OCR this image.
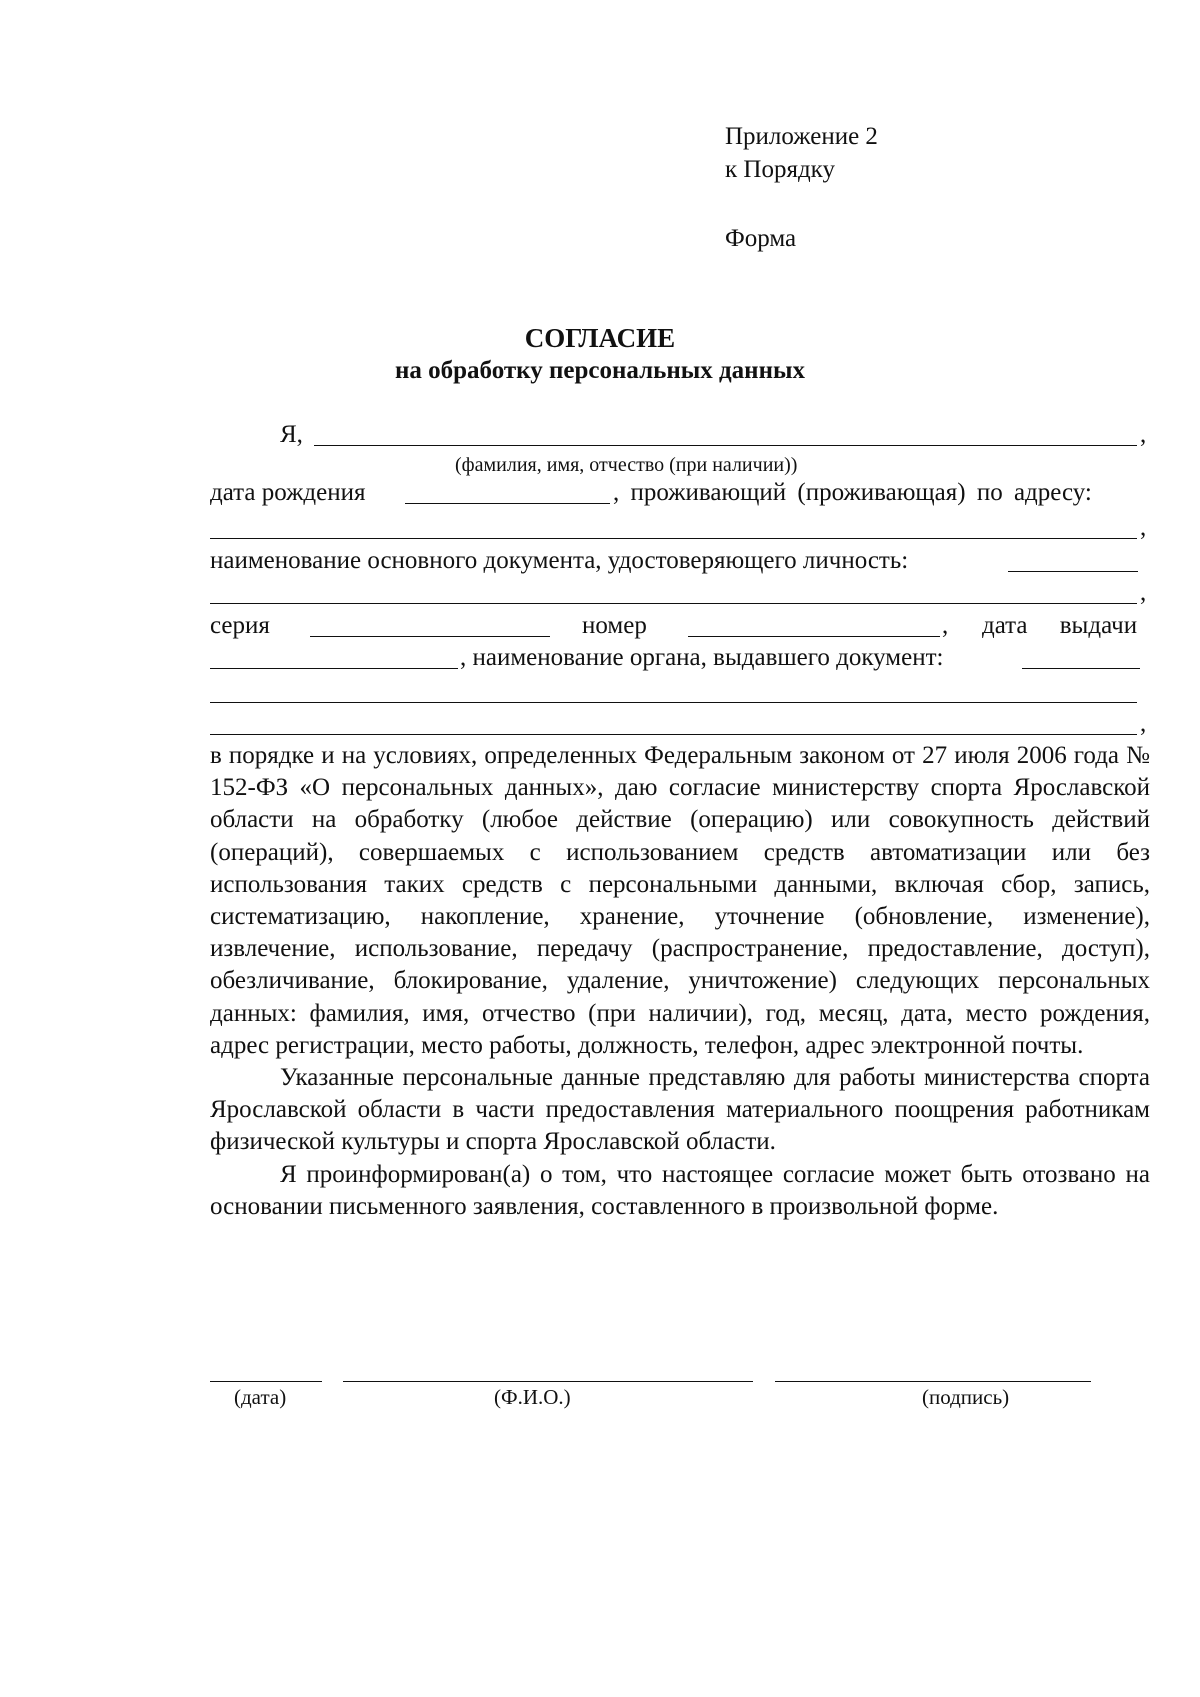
Приложение 2
к Порядку
Форма
СОГЛАСИЕ
на обработку персональных данных
Я,	,
(фамилия, имя, отчество (при наличии))
дата рождения	, проживающий (проживающая) по адресу:
,
наименование основного документа, удостоверяющего личность:
,
серия	номер	, дата выдачи
, наименование органа, выдавшего документ:
,

в порядке и на условиях, определенных Федеральным законом от 27 июля 2006 года № 152-ФЗ «О персональных данных», даю согласие министерству спорта Ярославской области на обработку (любое действие (операцию) или совокупность действий (операций), совершаемых с использованием средств автоматизации или без использования таких средств с персональными данными, включая сбор, запись, систематизацию, накопление, хранение, уточнение (обновление, изменение), извлечение, использование, передачу (распространение, предоставление, доступ), обезличивание, блокирование, удаление, уничтожение) следующих персональных данных: фамилия, имя, отчество (при наличии), год, месяц, дата, место рождения, адрес регистрации, место работы, должность, телефон, адрес электронной почты.

Указанные персональные данные представляю для работы министерства спорта Ярославской области в части предоставления материального поощрения работникам физической культуры и спорта Ярославской области.

Я проинформирован(а) о том, что настоящее согласие может быть отозвано на основании письменного заявления, составленного в произвольной форме.

(дата)	(Ф.И.О.)	(подпись)
